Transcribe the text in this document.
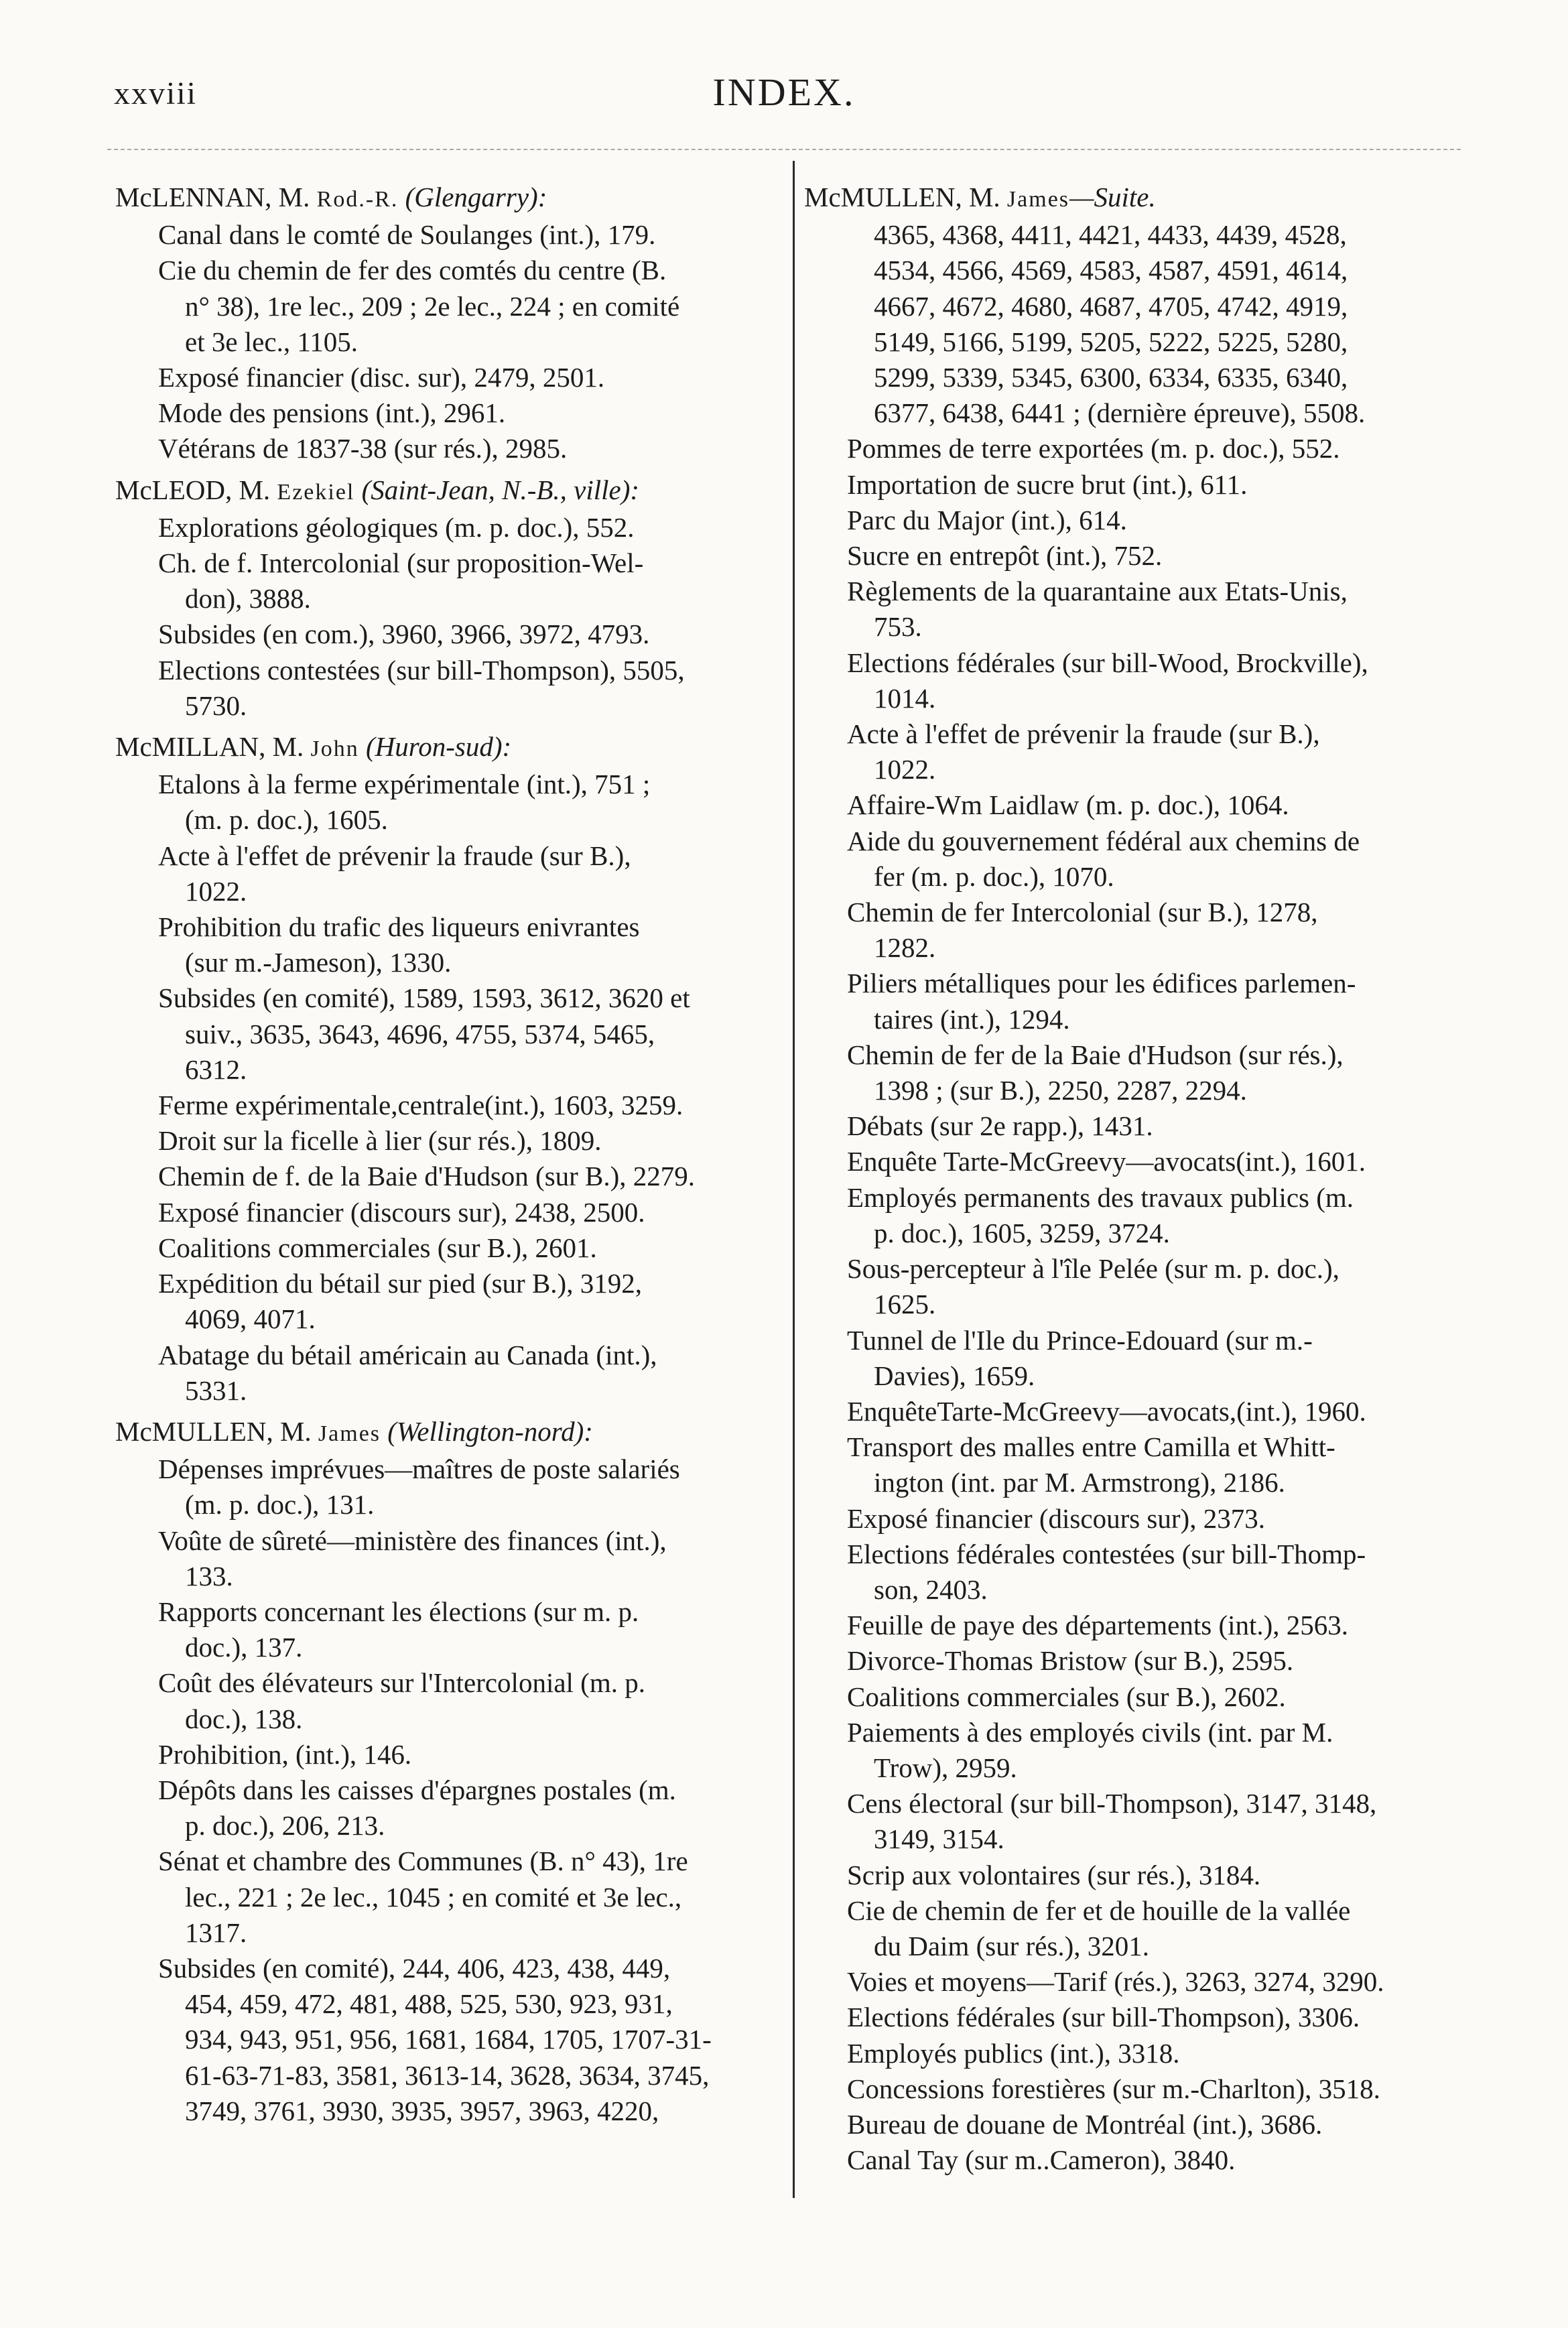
xxviii	INDEX.
McLENNAN, M. Rod.-R. (Glengarry):
Canal dans le comté de Soulanges (int.), 179.
Cie du chemin de fer des comtés du centre (B.
n° 38), 1re lec., 209 ; 2e lec., 224 ; en comité
et 3e lec., 1105.
Exposé financier (disc. sur), 2479, 2501.
Mode des pensions (int.), 2961.
Vétérans de 1837-38 (sur rés.), 2985.
McLEOD, M. Ezekiel (Saint-Jean, N.-B., ville):
Explorations géologiques (m. p. doc.), 552.
Ch. de f. Intercolonial (sur proposition-Wel-
don), 3888.
Subsides (en com.), 3960, 3966, 3972, 4793.
Elections contestées (sur bill-Thompson), 5505,
5730.
McMILLAN, M. John (Huron-sud):
Etalons à la ferme expérimentale (int.), 751 ;
(m. p. doc.), 1605.
Acte à l'effet de prévenir la fraude (sur B.),
1022.
Prohibition du trafic des liqueurs enivrantes
(sur m.-Jameson), 1330.
Subsides (en comité), 1589, 1593, 3612, 3620 et
suiv., 3635, 3643, 4696, 4755, 5374, 5465,
6312.
Ferme expérimentale,centrale(int.), 1603, 3259.
Droit sur la ficelle à lier (sur rés.), 1809.
Chemin de f. de la Baie d'Hudson (sur B.), 2279.
Exposé financier (discours sur), 2438, 2500.
Coalitions commerciales (sur B.), 2601.
Expédition du bétail sur pied (sur B.), 3192,
4069, 4071.
Abatage du bétail américain au Canada (int.),
5331.
McMULLEN, M. James (Wellington-nord):
Dépenses imprévues—maîtres de poste salariés
(m. p. doc.), 131.
Voûte de sûreté—ministère des finances (int.),
133.
Rapports concernant les élections (sur m. p.
doc.), 137.
Coût des élévateurs sur l'Intercolonial (m. p.
doc.), 138.
Prohibition, (int.), 146.
Dépôts dans les caisses d'épargnes postales (m.
p. doc.), 206, 213.
Sénat et chambre des Communes (B. n° 43), 1re
lec., 221 ; 2e lec., 1045 ; en comité et 3e lec.,
1317.
Subsides (en comité), 244, 406, 423, 438, 449,
454, 459, 472, 481, 488, 525, 530, 923, 931,
934, 943, 951, 956, 1681, 1684, 1705, 1707-31-
61-63-71-83, 3581, 3613-14, 3628, 3634, 3745,
3749, 3761, 3930, 3935, 3957, 3963, 4220,
McMULLEN, M. James—Suite.
4365, 4368, 4411, 4421, 4433, 4439, 4528,
4534, 4566, 4569, 4583, 4587, 4591, 4614,
4667, 4672, 4680, 4687, 4705, 4742, 4919,
5149, 5166, 5199, 5205, 5222, 5225, 5280,
5299, 5339, 5345, 6300, 6334, 6335, 6340,
6377, 6438, 6441 ; (dernière épreuve), 5508.
Pommes de terre exportées (m. p. doc.), 552.
Importation de sucre brut (int.), 611.
Parc du Major (int.), 614.
Sucre en entrepôt (int.), 752.
Règlements de la quarantaine aux Etats-Unis,
753.
Elections fédérales (sur bill-Wood, Brockville),
1014.
Acte à l'effet de prévenir la fraude (sur B.),
1022.
Affaire-Wm Laidlaw (m. p. doc.), 1064.
Aide du gouvernement fédéral aux chemins de
fer (m. p. doc.), 1070.
Chemin de fer Intercolonial (sur B.), 1278,
1282.
Piliers métalliques pour les édifices parlemen-
taires (int.), 1294.
Chemin de fer de la Baie d'Hudson (sur rés.),
1398 ; (sur B.), 2250, 2287, 2294.
Débats (sur 2e rapp.), 1431.
Enquête Tarte-McGreevy—avocats(int.), 1601.
Employés permanents des travaux publics (m.
p. doc.), 1605, 3259, 3724.
Sous-percepteur à l'île Pelée (sur m. p. doc.),
1625.
Tunnel de l'Ile du Prince-Edouard (sur m.-
Davies), 1659.
EnquêteTarte-McGreevy—avocats,(int.), 1960.
Transport des malles entre Camilla et Whitt-
ington (int. par M. Armstrong), 2186.
Exposé financier (discours sur), 2373.
Elections fédérales contestées (sur bill-Thomp-
son, 2403.
Feuille de paye des départements (int.), 2563.
Divorce-Thomas Bristow (sur B.), 2595.
Coalitions commerciales (sur B.), 2602.
Paiements à des employés civils (int. par M.
Trow), 2959.
Cens électoral (sur bill-Thompson), 3147, 3148,
3149, 3154.
Scrip aux volontaires (sur rés.), 3184.
Cie de chemin de fer et de houille de la vallée
du Daim (sur rés.), 3201.
Voies et moyens—Tarif (rés.), 3263, 3274, 3290.
Elections fédérales (sur bill-Thompson), 3306.
Employés publics (int.), 3318.
Concessions forestières (sur m.-Charlton), 3518.
Bureau de douane de Montréal (int.), 3686.
Canal Tay (sur m..Cameron), 3840.
